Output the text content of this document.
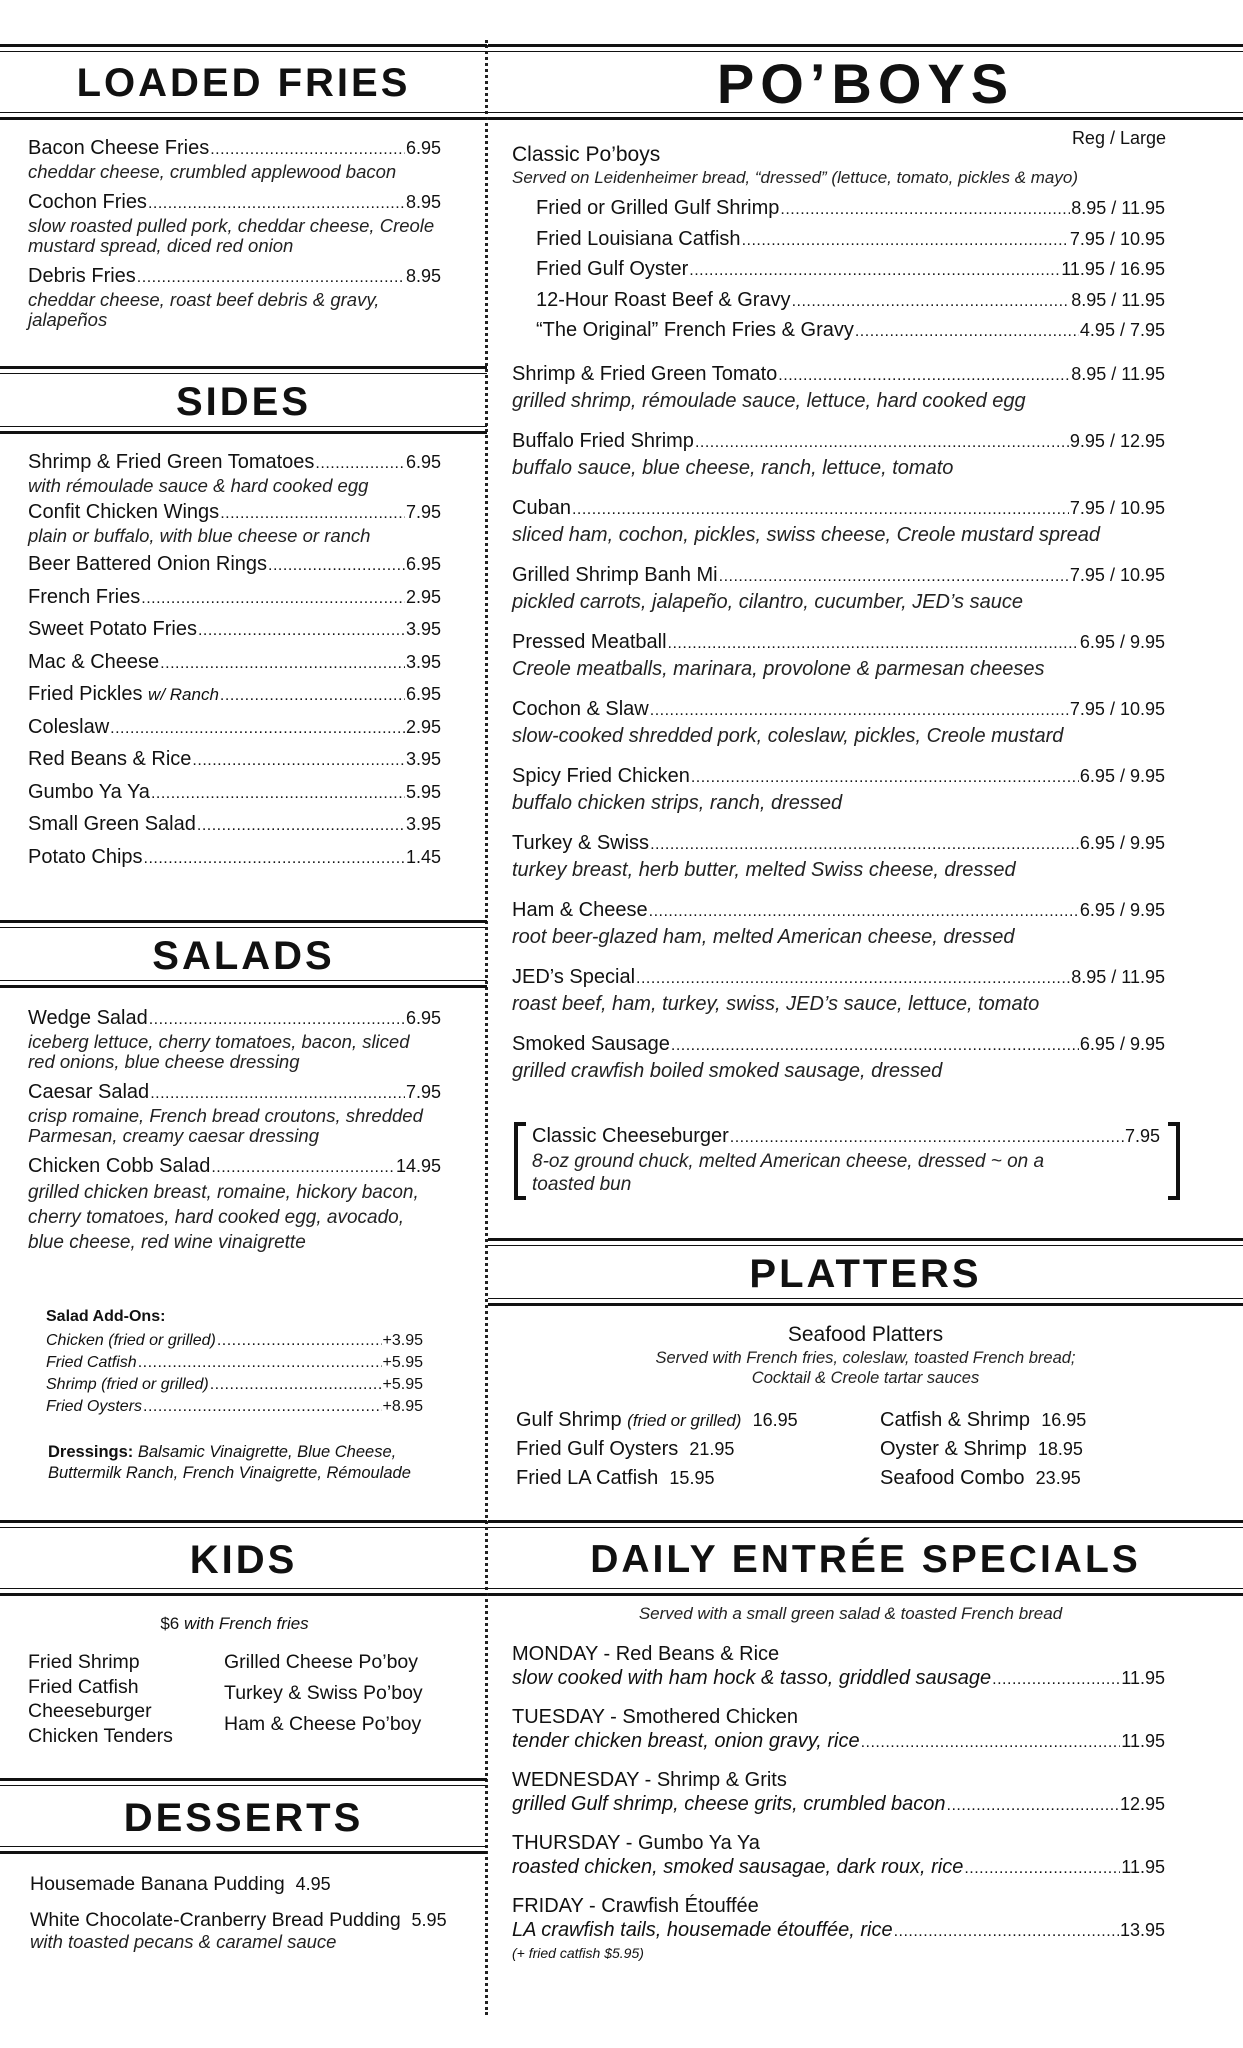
LOADED FRIES
Bacon Cheese Fries .....	6.95
cheddar cheese, crumbled applewood bacon
Cochon Fries .....	8.95
slow roasted pulled pork, cheddar cheese, Creole mustard spread, diced red onion
Debris Fries .....	8.95
cheddar cheese, roast beef debris & gravy, jalapeños
SIDES
Shrimp & Fried Green Tomatoes .....	6.95
with rémoulade sauce & hard cooked egg
Confit Chicken Wings .....	7.95
plain or buffalo, with blue cheese or ranch
Beer Battered Onion Rings .....	6.95
French Fries .....	2.95
Sweet Potato Fries .....	3.95
Mac & Cheese .....	3.95
Fried Pickles
w/ Ranch .....	6.95
Coleslaw .....	2.95
Red Beans & Rice .....	3.95
Gumbo Ya Ya .....	5.95
Small Green Salad .....	3.95
Potato Chips .....	1.45
SALADS
Wedge Salad .....	6.95
iceberg lettuce, cherry tomatoes, bacon, sliced red onions, blue cheese dressing
Caesar Salad .....	7.95
crisp romaine, French bread croutons, shredded Parmesan, creamy caesar dressing
Chicken Cobb Salad .....	14.95
grilled chicken breast, romaine, hickory bacon, cherry tomatoes, hard cooked egg, avocado, blue cheese, red wine vinaigrette
Salad Add-Ons:
Chicken (fried or grilled) .....	+3.95
Fried Catfish .....	+5.95
Shrimp (fried or grilled) .....	+5.95
Fried Oysters .....	+8.95
Dressings: Balsamic Vinaigrette, Blue Cheese, Buttermilk Ranch, French Vinaigrette, Rémoulade
KIDS
$6 with French fries
Fried Shrimp
Fried Catfish
Cheeseburger
Chicken Tenders
Grilled Cheese Po’boy
Turkey & Swiss Po’boy
Ham & Cheese Po’boy
DESSERTS
Housemade Banana Pudding 4.95
White Chocolate-Cranberry Bread Pudding 5.95
with toasted pecans & caramel sauce
PO’BOYS
Reg / Large
Classic Po’boys
Served on Leidenheimer bread, “dressed” (lettuce, tomato, pickles & mayo)
Fried or Grilled Gulf Shrimp .....	8.95 / 11.95
Fried Louisiana Catfish .....	7.95 / 10.95
Fried Gulf Oyster .....	11.95 / 16.95
12-Hour Roast Beef & Gravy .....	8.95 / 11.95
“The Original” French Fries & Gravy .....	4.95 / 7.95
Shrimp & Fried Green Tomato .....	8.95 / 11.95
grilled shrimp, rémoulade sauce, lettuce, hard cooked egg
Buffalo Fried Shrimp .....	9.95 / 12.95
buffalo sauce, blue cheese, ranch, lettuce, tomato
Cuban .....	7.95 / 10.95
sliced ham, cochon, pickles, swiss cheese, Creole mustard spread
Grilled Shrimp Banh Mi .....	7.95 / 10.95
pickled carrots, jalapeño, cilantro, cucumber, JED’s sauce
Pressed Meatball .....	6.95 / 9.95
Creole meatballs, marinara, provolone & parmesan cheeses
Cochon & Slaw .....	7.95 / 10.95
slow-cooked shredded pork, coleslaw, pickles, Creole mustard
Spicy Fried Chicken .....	6.95 / 9.95
buffalo chicken strips, ranch, dressed
Turkey & Swiss .....	6.95 / 9.95
turkey breast, herb butter, melted Swiss cheese, dressed
Ham & Cheese .....	6.95 / 9.95
root beer-glazed ham, melted American cheese, dressed
JED’s Special .....	8.95 / 11.95
roast beef, ham, turkey, swiss, JED’s sauce, lettuce, tomato
Smoked Sausage .....	6.95 / 9.95
grilled crawfish boiled smoked sausage, dressed
Classic Cheeseburger .....	7.95
8-oz ground chuck, melted American cheese, dressed ~ on a toasted bun
PLATTERS
Seafood Platters
Served with French fries, coleslaw, toasted French bread;
Cocktail & Creole tartar sauces
Gulf Shrimp (fried or grilled) 16.95
Fried Gulf Oysters 21.95
Fried LA Catfish 15.95
Catfish & Shrimp 16.95
Oyster & Shrimp 18.95
Seafood Combo 23.95
DAILY ENTRÉE SPECIALS
Served with a small green salad & toasted French bread
MONDAY - Red Beans & Rice
slow cooked with ham hock & tasso, griddled sausage .....	11.95
TUESDAY - Smothered Chicken
tender chicken breast, onion gravy, rice .....	11.95
WEDNESDAY - Shrimp & Grits
grilled Gulf shrimp, cheese grits, crumbled bacon .....	12.95
THURSDAY - Gumbo Ya Ya
roasted chicken, smoked sausagae, dark roux, rice .....	11.95
FRIDAY - Crawfish Étouffée
LA crawfish tails, housemade étouffée, rice .....	13.95
(+ fried catfish $5.95)
